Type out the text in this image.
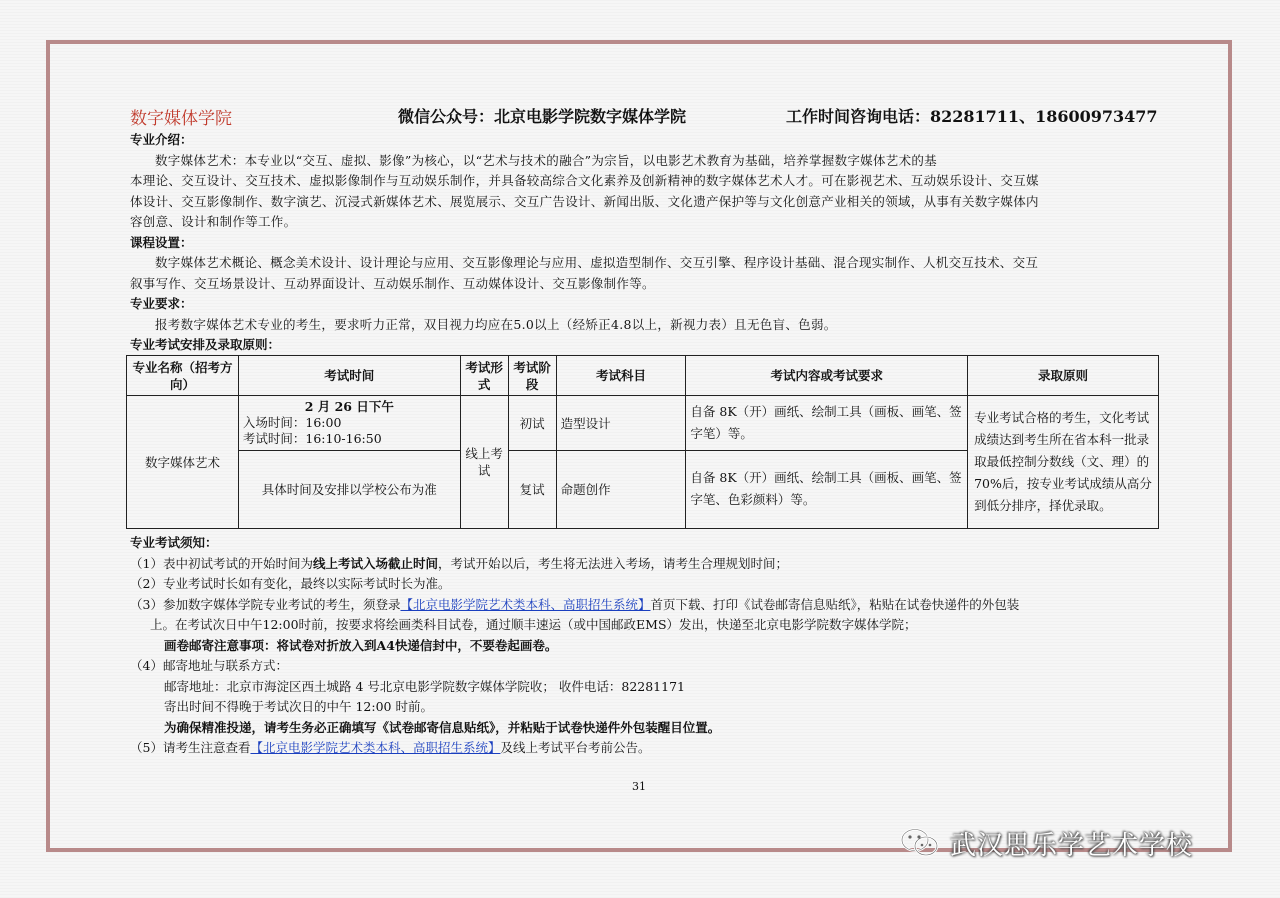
数字媒体学院	微信公众号：北京电影学院数字媒体学院	工作时间咨询电话：82281711、18600973477
专业介绍：

数字媒体艺术：本专业以“交互、虚拟、影像”为核心，以“艺术与技术的融合”为宗旨，以电影艺术教育为基础，培养掌握数字媒体艺术的基

本理论、交互设计、交互技术、虚拟影像制作与互动娱乐制作，并具备较高综合文化素养及创新精神的数字媒体艺术人才。可在影视艺术、互动娱乐设计、交互媒

体设计、交互影像制作、数字演艺、沉浸式新媒体艺术、展览展示、交互广告设计、新闻出版、文化遗产保护等与文化创意产业相关的领域，从事有关数字媒体内

容创意、设计和制作等工作。

课程设置：

数字媒体艺术概论、概念美术设计、设计理论与应用、交互影像理论与应用、虚拟造型制作、交互引擎、程序设计基础、混合现实制作、人机交互技术、交互

叙事写作、交互场景设计、互动界面设计、互动娱乐制作、互动媒体设计、交互影像制作等。

专业要求：

报考数字媒体艺术专业的考生，要求听力正常，双目视力均应在5.0以上（经矫正4.8以上，新视力表）且无色盲、色弱。

专业考试安排及录取原则：
专业名称（招考方向）	考试时间	考试形式	考试阶段	考试科目	考试内容或考试要求	录取原则
数字媒体艺术	2 月 26 日下午
入场时间：16:00
考试时间：16:10-16:50	线上考试	初试	造型设计	自备 8K（开）画纸、绘制工具（画板、画笔、签字笔）等。	专业考试合格的考生，文化考试成绩达到考生所在省本科一批录取最低控制分数线（文、理）的 70%后，按专业考试成绩从高分到低分排序，择优录取。
	具体时间及安排以学校公布为准		复试	命题创作	自备 8K（开）画纸、绘制工具（画板、画笔、签字笔、色彩颜料）等。	

专业考试须知：

（1）表中初试考试的开始时间为线上考试入场截止时间，考试开始以后，考生将无法进入考场，请考生合理规划时间；

（2）专业考试时长如有变化，最终以实际考试时长为准。

（3）参加数字媒体学院专业考试的考生，须登录【北京电影学院艺术类本科、高职招生系统】首页下载、打印《试卷邮寄信息贴纸》，粘贴在试卷快递件的外包装

上。在考试次日中午12:00时前，按要求将绘画类科目试卷，通过顺丰速运（或中国邮政EMS）发出，快递至北京电影学院数字媒体学院；

画卷邮寄注意事项：将试卷对折放入到A4快递信封中，不要卷起画卷。

（4）邮寄地址与联系方式：

邮寄地址：北京市海淀区西土城路 4 号北京电影学院数字媒体学院收； 收件电话：82281171

寄出时间不得晚于考试次日的中午 12:00 时前。

为确保精准投递，请考生务必正确填写《试卷邮寄信息贴纸》，并粘贴于试卷快递件外包装醒目位置。

（5）请考生注意查看【北京电影学院艺术类本科、高职招生系统】及线上考试平台考前公告。

31
武汉思乐学艺术学校
